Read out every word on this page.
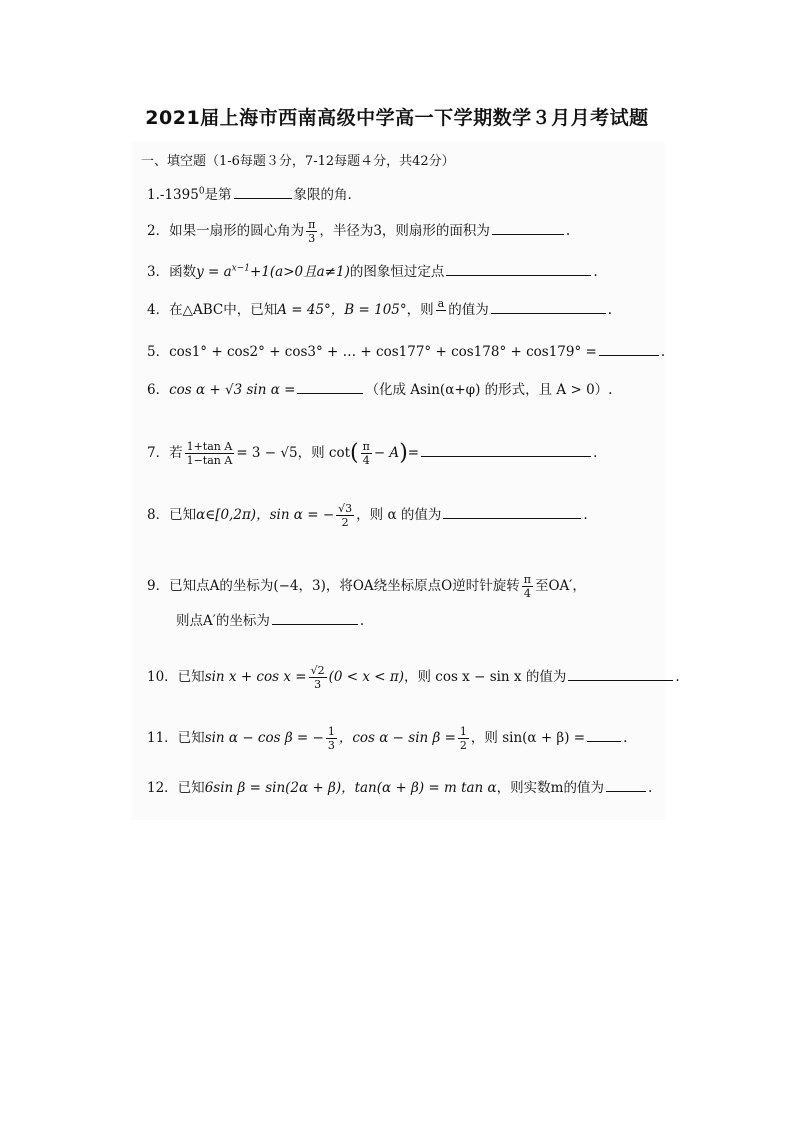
2021届上海市西南高级中学高一下学期数学３月月考试题
一、填空题（1-6每题３分，7-12每题４分，共42分）
1.-1395$^0$是第	象限的角.
2．如果一扇形的圆心角为 $\frac{\pi}{3}$ ，半径为3，则扇形的面积为	.
3．函数$y = a^{x-1}+1(a>0$且a≠1)的图象恒过定点	.
4．在△ABC中，已知A = 45°，B = 105°，则 a
的值为	.
5．cos1° + cos2° + cos3° + … + cos177° + cos178° + cos179° =	.
6．cos α + √3 sin α =	（化成 Asin(α+φ) 的形式，且 A > 0）.
7．若 $\frac{\text{1+tan A}}{\text{1−tan A}} = 3 - √5$，则 $\cot( \frac{\pi}{4} - A)=$	.
8．已知α∈[0,2π)，sin α = − $\frac{√3}{2}$ ，则 α 的值为	.
9．已知点A的坐标为(−4，3)，将OA绕坐标原点O逆时针旋转 $\frac{\pi}{4}$ 至OA′，
则点A′的坐标为	.
10．已知$\sin x + \cos x = \frac{√2}{3} (0 < x < \pi)$，则 cos x − sin x 的值为	.
11．已知sin α − cos β = − $\frac{1}{3}$ ，$\cos \alpha - \sin \beta = \frac{1}{2}$ ，则 sin(α + β) =	.
12．已知6sin β = sin(2α + β)，tan(α + β) = m tan α，则实数m的值为	.
